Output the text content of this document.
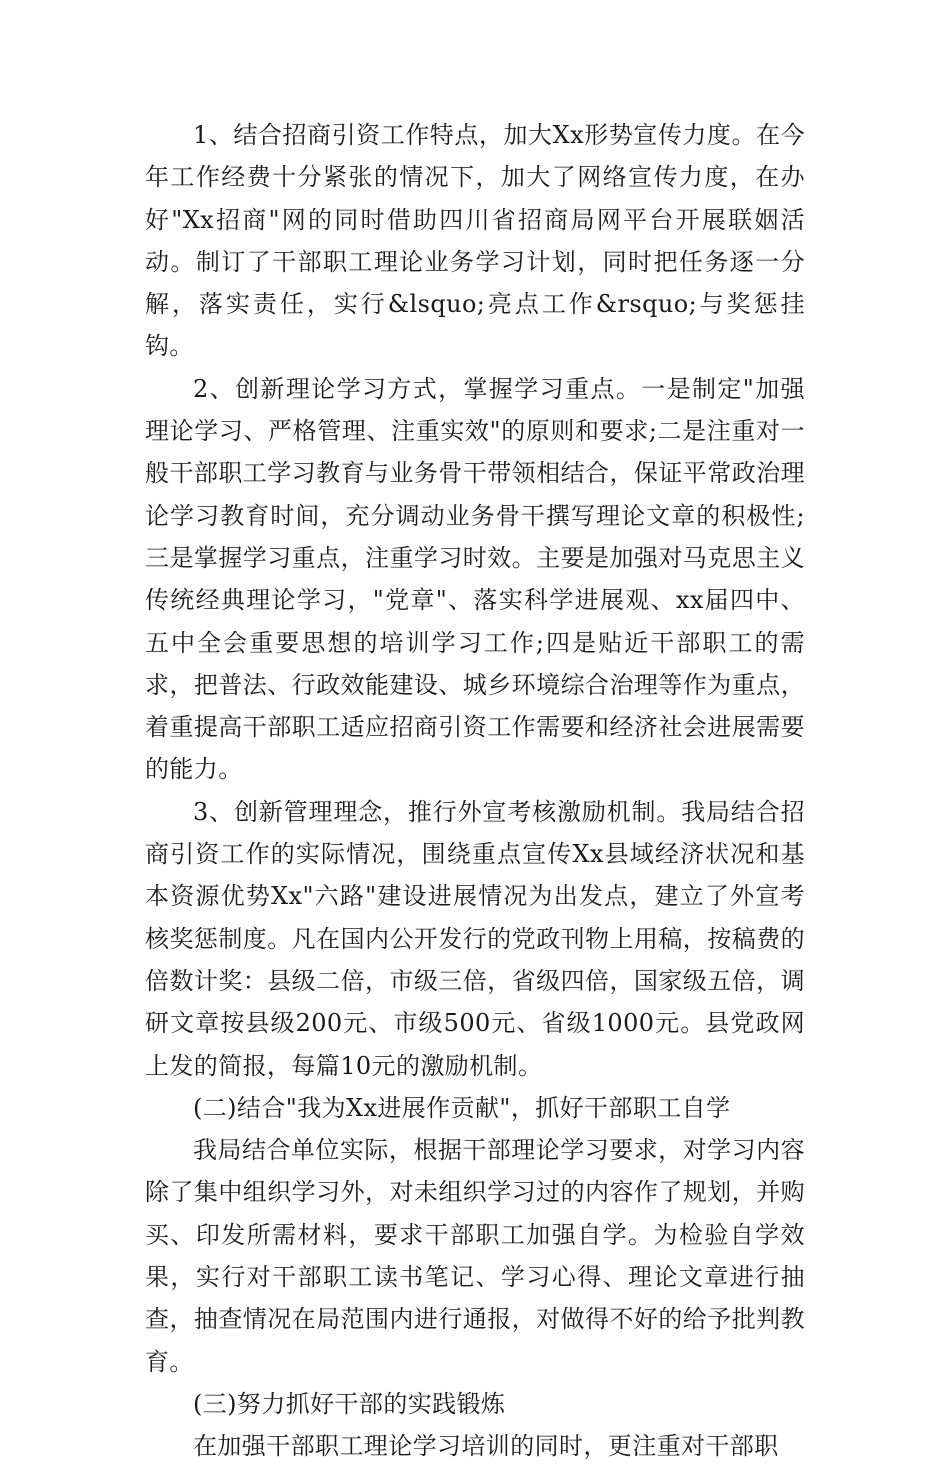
1、结合招商引资工作特点，加大Xx形势宣传力度。在今年工作经费十分紧张的情况下，加大了网络宣传力度，在办好"Xx招商"网的同时借助四川省招商局网平台开展联姻活动。制订了干部职工理论业务学习计划，同时把任务逐一分解，落实责任，实行&lsquo;亮点工作&rsquo;与奖惩挂钩。

2、创新理论学习方式，掌握学习重点。一是制定"加强理论学习、严格管理、注重实效"的原则和要求;二是注重对一般干部职工学习教育与业务骨干带领相结合，保证平常政治理论学习教育时间，充分调动业务骨干撰写理论文章的积极性;三是掌握学习重点，注重学习时效。主要是加强对马克思主义传统经典理论学习，"党章"、落实科学进展观、xx届四中、五中全会重要思想的培训学习工作;四是贴近干部职工的需求，把普法、行政效能建设、城乡环境综合治理等作为重点，着重提高干部职工适应招商引资工作需要和经济社会进展需要的能力。

3、创新管理理念，推行外宣考核激励机制。我局结合招商引资工作的实际情况，围绕重点宣传Xx县域经济状况和基本资源优势Xx"六路"建设进展情况为出发点，建立了外宣考核奖惩制度。凡在国内公开发行的党政刊物上用稿，按稿费的倍数计奖：县级二倍，市级三倍，省级四倍，国家级五倍，调研文章按县级200元、市级500元、省级1000元。县党政网上发的简报，每篇10元的激励机制。

(二)结合"我为Xx进展作贡献"，抓好干部职工自学

我局结合单位实际，根据干部理论学习要求，对学习内容除了集中组织学习外，对未组织学习过的内容作了规划，并购买、印发所需材料，要求干部职工加强自学。为检验自学效果，实行对干部职工读书笔记、学习心得、理论文章进行抽查，抽查情况在局范围内进行通报，对做得不好的给予批判教育。

(三)努力抓好干部的实践锻炼

在加强干部职工理论学习培训的同时，更注重对干部职
